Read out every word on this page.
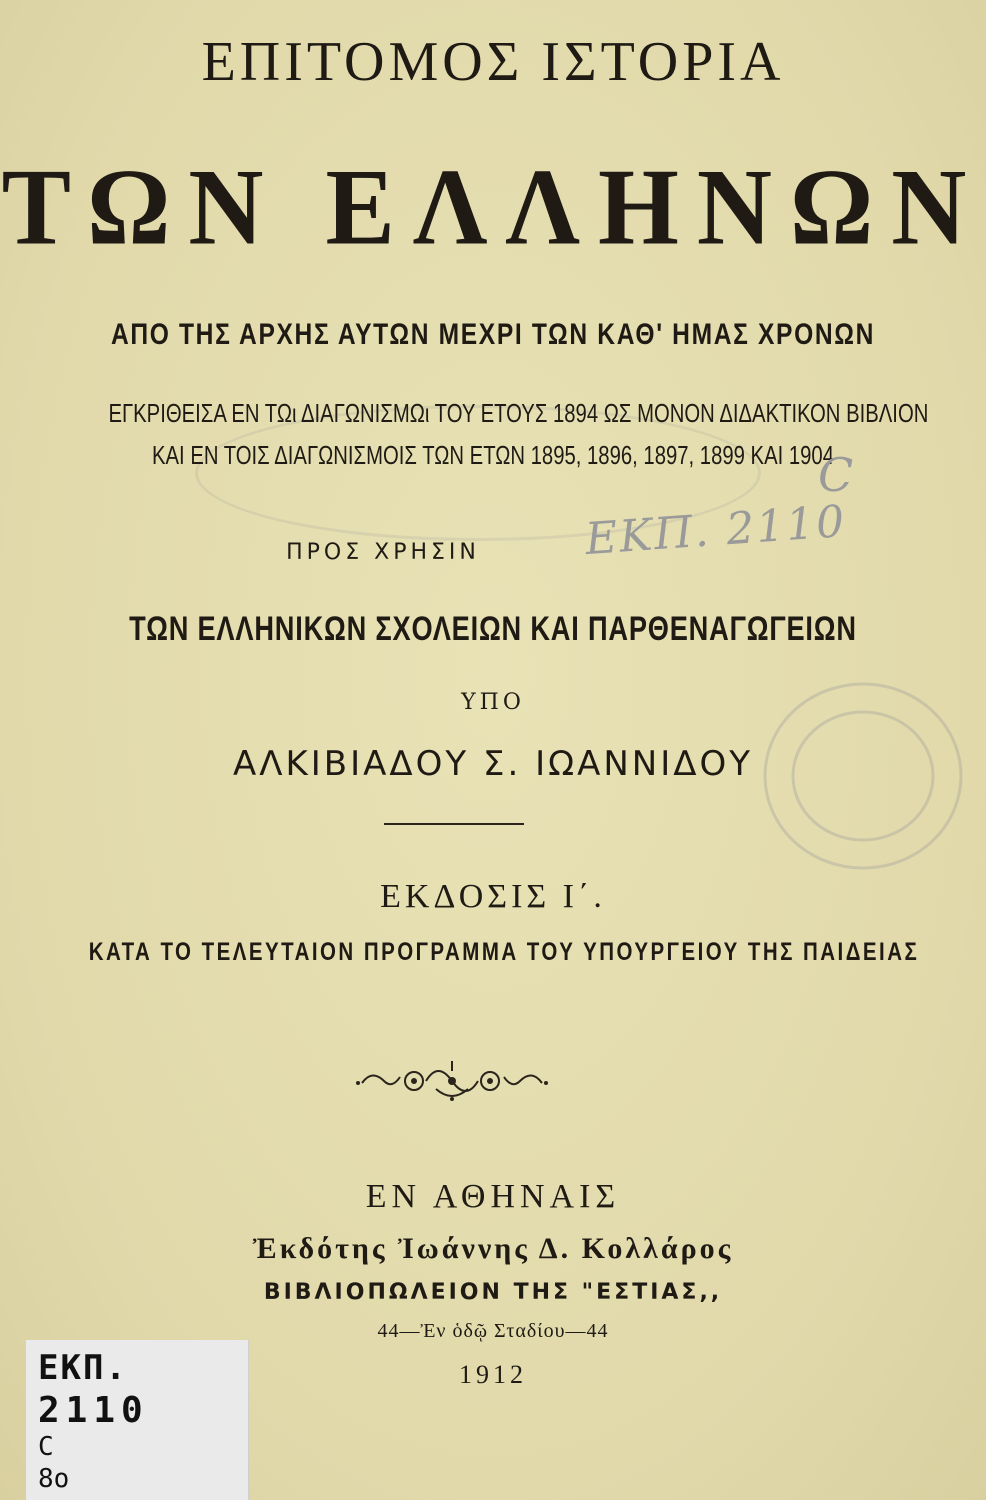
ΕΠΙΤΟΜΟΣ ΙΣΤΟΡΙΑ
ΤΩΝ ΕΛΛΗΝΩΝ
ΑΠΟ ΤΗΣ ΑΡΧΗΣ ΑΥΤΩΝ ΜΕΧΡΙ ΤΩΝ ΚΑΘ' ΗΜΑΣ ΧΡΟΝΩΝ
ΕΓΚΡΙΘΕΙΣΑ ΕΝ ΤΩι ΔΙΑΓΩΝΙΣΜΩι ΤΟΥ ΕΤΟΥΣ 1894 ΩΣ ΜΟΝΟΝ ΔΙΔΑΚΤΙΚΟΝ ΒΙΒΛΙΟΝ
ΚΑΙ ΕΝ ΤΟΙΣ ΔΙΑΓΩΝΙΣΜΟΙΣ ΤΩΝ ΕΤΩΝ 1895, 1896, 1897, 1899 ΚΑΙ 1904
ΠΡΟΣ ΧΡΗΣΙΝ	ΕΚΠ. 2110
C
ΤΩΝ ΕΛΛΗΝΙΚΩΝ ΣΧΟΛΕΙΩΝ ΚΑΙ ΠΑΡΘΕΝΑΓΩΓΕΙΩΝ
ΥΠΟ
ΑΛΚΙΒΙΑΔΟΥ Σ. ΙΩΑΝΝΙΔΟΥ
ΕΚΔΟΣΙΣ Ι΄.
ΚΑΤΑ ΤΟ ΤΕΛΕΥΤΑΙΟΝ ΠΡΟΓΡΑΜΜΑ ΤΟΥ ΥΠΟΥΡΓΕΙΟΥ ΤΗΣ ΠΑΙΔΕΙΑΣ
ΕΝ ΑΘΗΝΑΙΣ
Ἐκδότης Ἰωάννης Δ. Κολλάρος
ΒΙΒΛΙΟΠΩΛΕΙΟΝ ΤΗΣ "ΕΣΤΙΑΣ,,
44—Ἐν ὁδῷ Σταδίου—44
1912
ΕΚΠ.
2110
C
8ο
